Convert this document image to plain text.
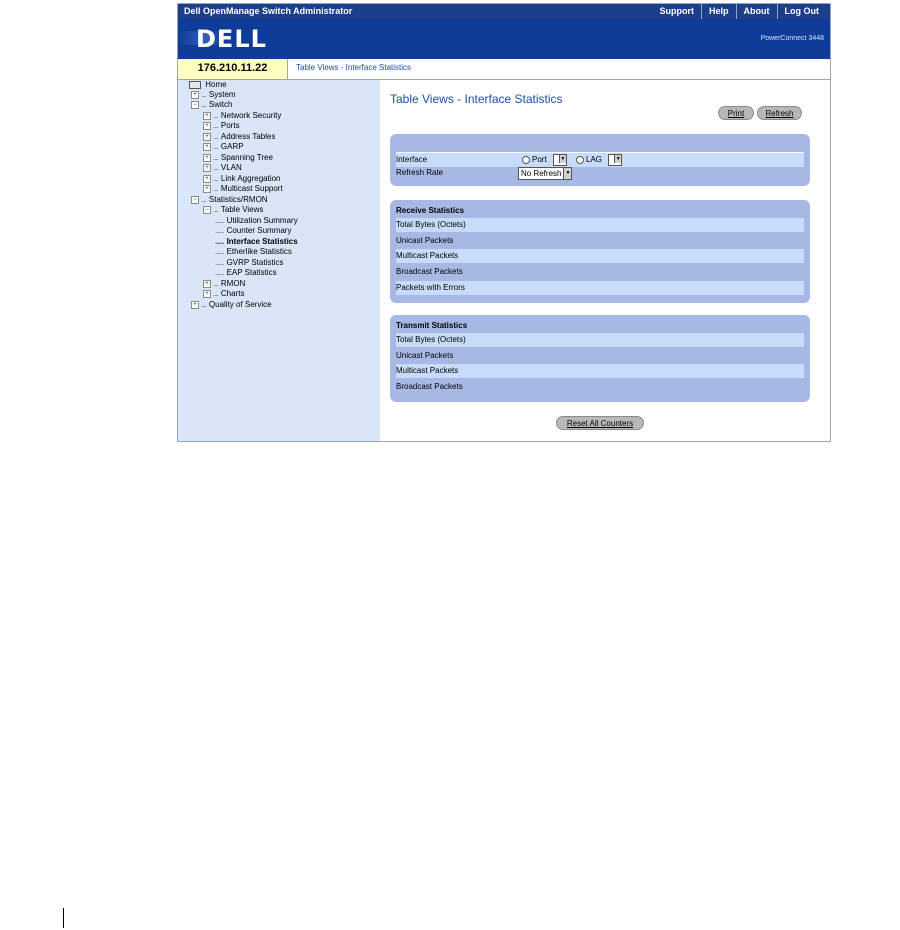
Dell OpenManage Switch Administrator	Support	Help	About	Log Out
DELL	PowerConnect 3448
176.210.11.22	Table Views - Interface Statistics
Home
+ .... System
− .... Switch
+ .... Network Security
+ .... Ports
+ .... Address Tables
+ .... GARP
+ .... Spanning Tree
+ .... VLAN
+ .... Link Aggregation
+ .... Multicast Support
− .... Statistics/RMON
− .... Table Views
....... Utilization Summary
....... Counter Summary
....... Interface Statistics
....... Etherlike Statistics
....... GVRP Statistics
....... EAP Statistics
+ .... RMON
+ .... Charts
+ .... Quality of Service
Table Views - Interface Statistics
Print	Refresh
Interface	Port	▼	LAG	▼
Refresh Rate	No Refresh ▼
Receive Statistics
Total Bytes (Octets)
Unicast Packets
Multicast Packets
Broadcast Packets
Packets with Errors
Transmit Statistics
Total Bytes (Octets)
Unicast Packets
Multicast Packets
Broadcast Packets
Reset All Counters
